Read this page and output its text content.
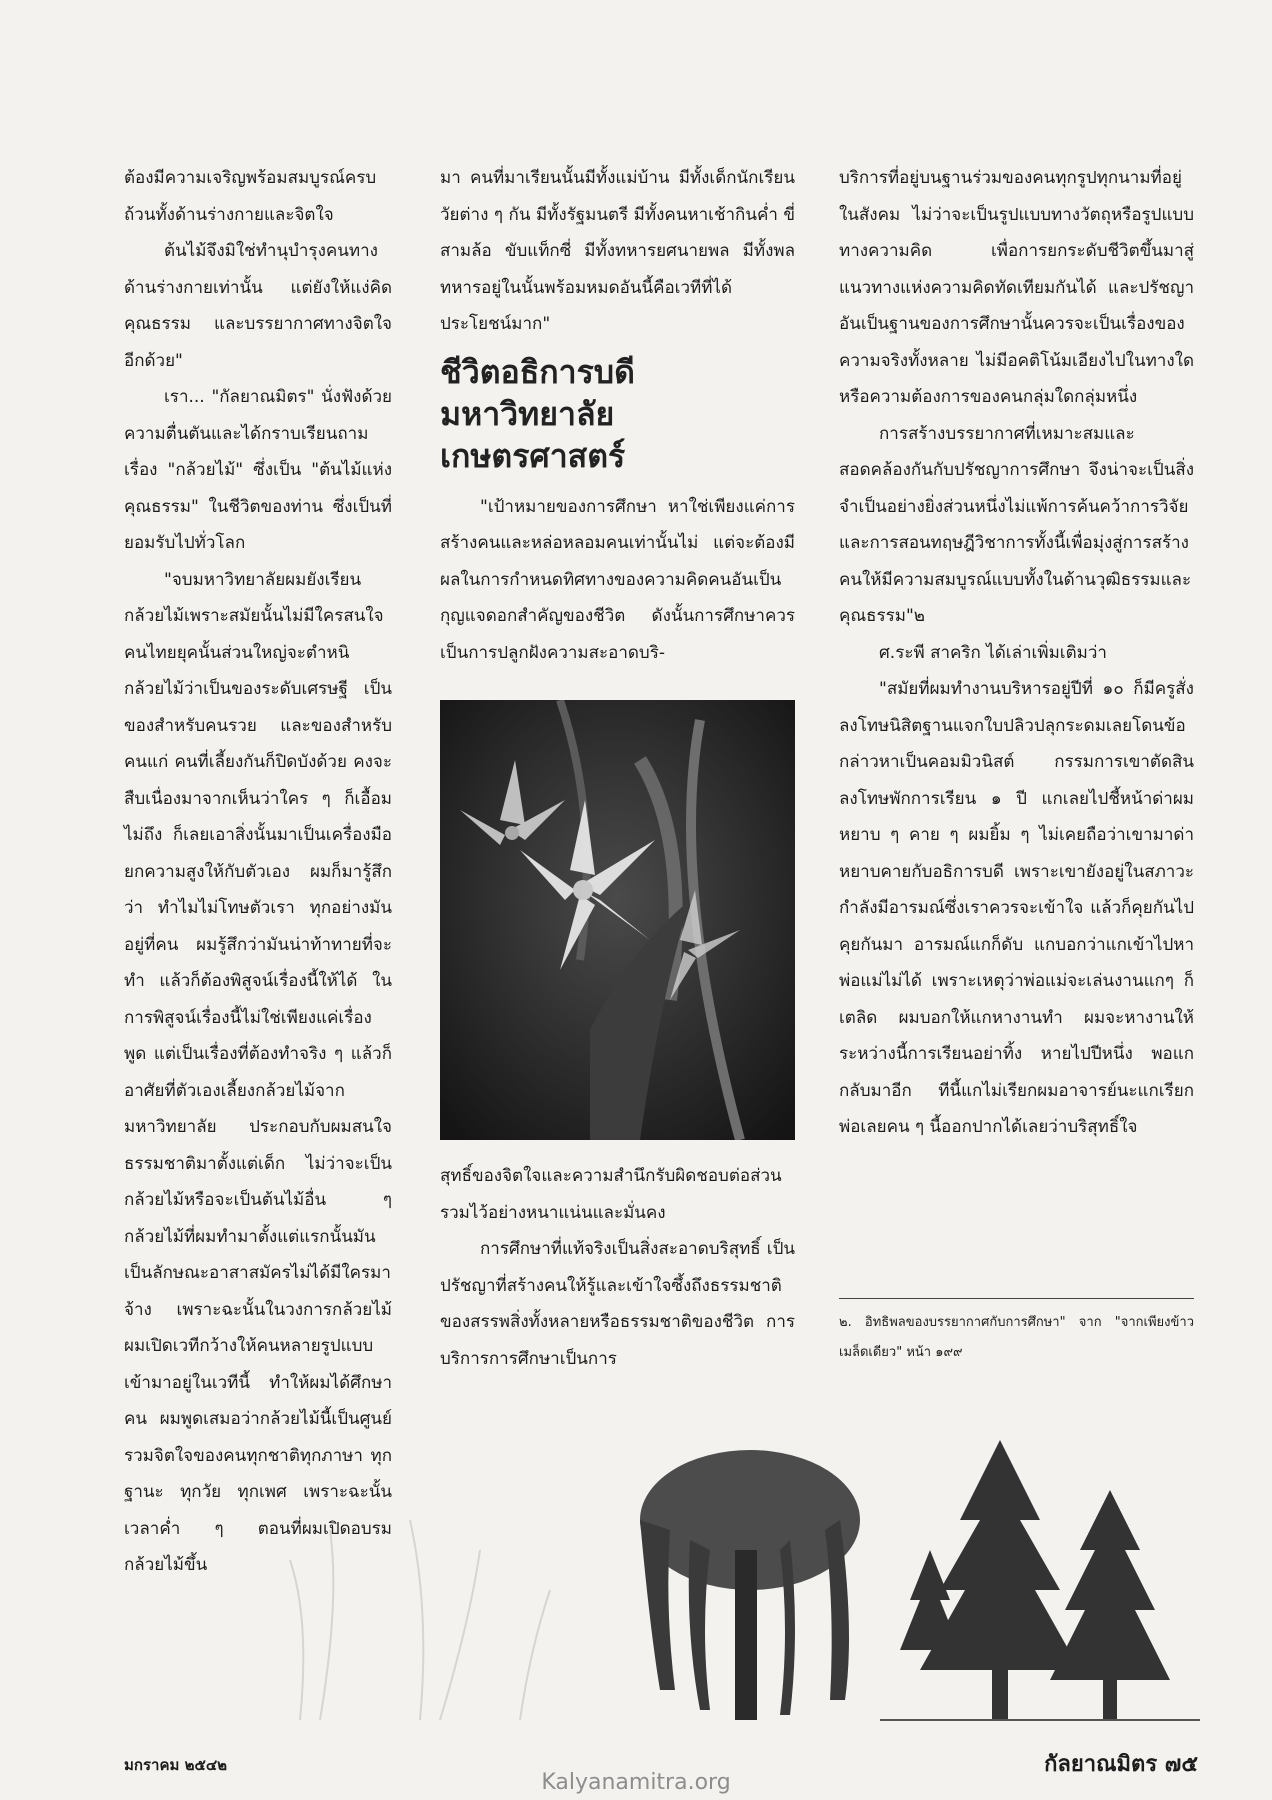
ต้องมีความเจริญพร้อมสมบูรณ์ครบถ้วนทั้งด้านร่างกายและจิตใจ

ต้นไม้จึงมิใช่ทำนุบำรุงคนทางด้านร่างกายเท่านั้น แต่ยังให้แง่คิด คุณธรรม และบรรยากาศทางจิตใจอีกด้วย"

เรา... "กัลยาณมิตร" นั่งฟังด้วยความตื่นตันและได้กราบเรียนถามเรื่อง "กล้วยไม้" ซึ่งเป็น "ต้นไม้แห่งคุณธรรม" ในชีวิตของท่าน ซึ่งเป็นที่ยอมรับไปทั่วโลก

"จบมหาวิทยาลัยผมยังเรียนกล้วยไม้เพราะสมัยนั้นไม่มีใครสนใจ คนไทยยุคนั้นส่วนใหญ่จะตำหนิกล้วยไม้ว่าเป็นของระดับเศรษฐี เป็นของสำหรับคนรวย และของสำหรับคนแก่ คนที่เลี้ยงกันก็ปิดบังด้วย คงจะสืบเนื่องมาจากเห็นว่าใคร ๆ ก็เอื้อมไม่ถึง ก็เลยเอาสิ่งนั้นมาเป็นเครื่องมือยกความสูงให้กับตัวเอง ผมก็มารู้สึกว่า ทำไมไม่โทษตัวเรา ทุกอย่างมันอยู่ที่คน ผมรู้สึกว่ามันน่าท้าทายที่จะทำ แล้วก็ต้องพิสูจน์เรื่องนี้ให้ได้ ในการพิสูจน์เรื่องนี้ไม่ใช่เพียงแค่เรื่องพูด แต่เป็นเรื่องที่ต้องทำจริง ๆ แล้วก็อาศัยที่ตัวเองเลี้ยงกล้วยไม้จากมหาวิทยาลัย ประกอบกับผมสนใจธรรมชาติมาตั้งแต่เด็ก ไม่ว่าจะเป็นกล้วยไม้หรือจะเป็นต้นไม้อื่น ๆ กล้วยไม้ที่ผมทำมาตั้งแต่แรกนั้นมันเป็นลักษณะอาสาสมัครไม่ได้มีใครมาจ้าง เพราะฉะนั้นในวงการกล้วยไม้ผมเปิดเวทีกว้างให้คนหลายรูปแบบเข้ามาอยู่ในเวทีนี้ ทำให้ผมได้ศึกษาคน ผมพูดเสมอว่ากล้วยไม้นี้เป็นศูนย์รวมจิตใจของคนทุกชาติทุกภาษา ทุกฐานะ ทุกวัย ทุกเพศ เพราะฉะนั้นเวลาค่ำ ๆ ตอนที่ผมเปิดอบรมกล้วยไม้ขึ้น

มา คนที่มาเรียนนั้นมีทั้งแม่บ้าน มีทั้งเด็กนักเรียนวัยต่าง ๆ กัน มีทั้งรัฐมนตรี มีทั้งคนหาเช้ากินค่ำ ขี่สามล้อ ขับแท็กซี่ มีทั้งทหารยศนายพล มีทั้งพลทหารอยู่ในนั้นพร้อมหมดอันนี้คือเวทีที่ได้ประโยชน์มาก"

ชีวิตอธิการบดีมหาวิทยาลัยเกษตรศาสตร์

"เป้าหมายของการศึกษา หาใช่เพียงแค่การสร้างคนและหล่อหลอมคนเท่านั้นไม่ แต่จะต้องมีผลในการกำหนดทิศทางของความคิดคนอันเป็นกุญแจดอกสำคัญของชีวิต ดังนั้นการศึกษาควรเป็นการปลูกฝังความสะอาดบริ-

สุทธิ์ของจิตใจและความสำนึกรับผิดชอบต่อส่วนรวมไว้อย่างหนาแน่นและมั่นคง

การศึกษาที่แท้จริงเป็นสิ่งสะอาดบริสุทธิ์ เป็นปรัชญาที่สร้างคนให้รู้และเข้าใจซึ้งถึงธรรมชาติของสรรพสิ่งทั้งหลายหรือธรรมชาติของชีวิต การบริการการศึกษาเป็นการ

บริการที่อยู่บนฐานร่วมของคนทุกรูปทุกนามที่อยู่ในสังคม ไม่ว่าจะเป็นรูปแบบทางวัตถุหรือรูปแบบทางความคิด เพื่อการยกระดับชีวิตขึ้นมาสู่แนวทางแห่งความคิดทัดเทียมกันได้ และปรัชญาอันเป็นฐานของการศึกษานั้นควรจะเป็นเรื่องของความจริงทั้งหลาย ไม่มีอคติโน้มเอียงไปในทางใด หรือความต้องการของคนกลุ่มใดกลุ่มหนึ่ง

การสร้างบรรยากาศที่เหมาะสมและสอดคล้องกันกับปรัชญาการศึกษา จึงน่าจะเป็นสิ่งจำเป็นอย่างยิ่งส่วนหนึ่งไม่แพ้การค้นคว้าการวิจัย และการสอนทฤษฎีวิชาการทั้งนี้เพื่อมุ่งสู่การสร้างคนให้มีความสมบูรณ์แบบทั้งในด้านวุฒิธรรมและคุณธรรม"๒

ศ.ระพี สาคริก ได้เล่าเพิ่มเติมว่า

"สมัยที่ผมทำงานบริหารอยู่ปีที่ ๑๐ ก็มีครูสั่งลงโทษนิสิตฐานแจกใบปลิวปลุกระดมเลยโดนข้อกล่าวหาเป็นคอมมิวนิสต์ กรรมการเขาตัดสินลงโทษพักการเรียน ๑ ปี แกเลยไปชี้หน้าด่าผมหยาบ ๆ คาย ๆ ผมยิ้ม ๆ ไม่เคยถือว่าเขามาด่าหยาบคายกับอธิการบดี เพราะเขายังอยู่ในสภาวะกำลังมีอารมณ์ซึ่งเราควรจะเข้าใจ แล้วก็คุยกันไปคุยกันมา อารมณ์แกก็ดับ แกบอกว่าแกเข้าไปหาพ่อแม่ไม่ได้ เพราะเหตุว่าพ่อแม่จะเล่นงานแกๆ ก็เตลิด ผมบอกให้แกหางานทำ ผมจะหางานให้ ระหว่างนี้การเรียนอย่าทิ้ง หายไปปีหนึ่ง พอแกกลับมาอีก ทีนี้แกไม่เรียกผมอาจารย์นะแกเรียกพ่อเลยคน ๆ นี้ออกปากได้เลยว่าบริสุทธิ์ใจ

๒. อิทธิพลของบรรยากาศกับการศึกษา" จาก "จากเพียงข้าวเมล็ดเดียว" หน้า ๑๙๙
มกราคม ๒๕๔๒	กัลยาณมิตร ๗๕
Kalyanamitra.org
